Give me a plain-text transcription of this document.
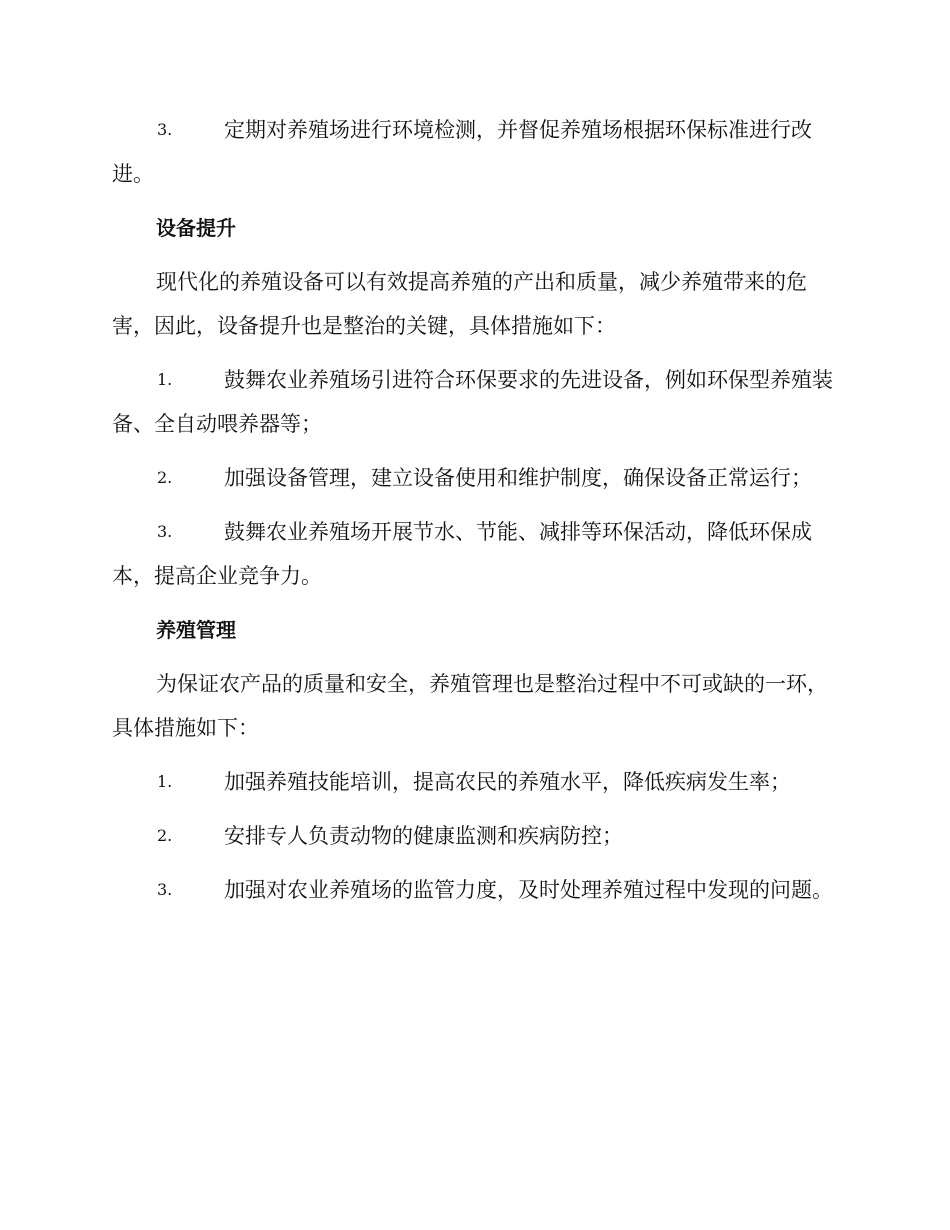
3.	定期对养殖场进行环境检测，并督促养殖场根据环保标准进行改进。
设备提升
现代化的养殖设备可以有效提高养殖的产出和质量，减少养殖带来的危害，因此，设备提升也是整治的关键，具体措施如下：
1.	鼓舞农业养殖场引进符合环保要求的先进设备，例如环保型养殖装备、全自动喂养器等；
2.	加强设备管理，建立设备使用和维护制度，确保设备正常运行；
3.	鼓舞农业养殖场开展节水、节能、减排等环保活动，降低环保成本，提高企业竞争力。
养殖管理
为保证农产品的质量和安全，养殖管理也是整治过程中不可或缺的一环，具体措施如下：
1.	加强养殖技能培训，提高农民的养殖水平，降低疾病发生率；
2.	安排专人负责动物的健康监测和疾病防控；
3.	加强对农业养殖场的监管力度，及时处理养殖过程中发现的问题。
